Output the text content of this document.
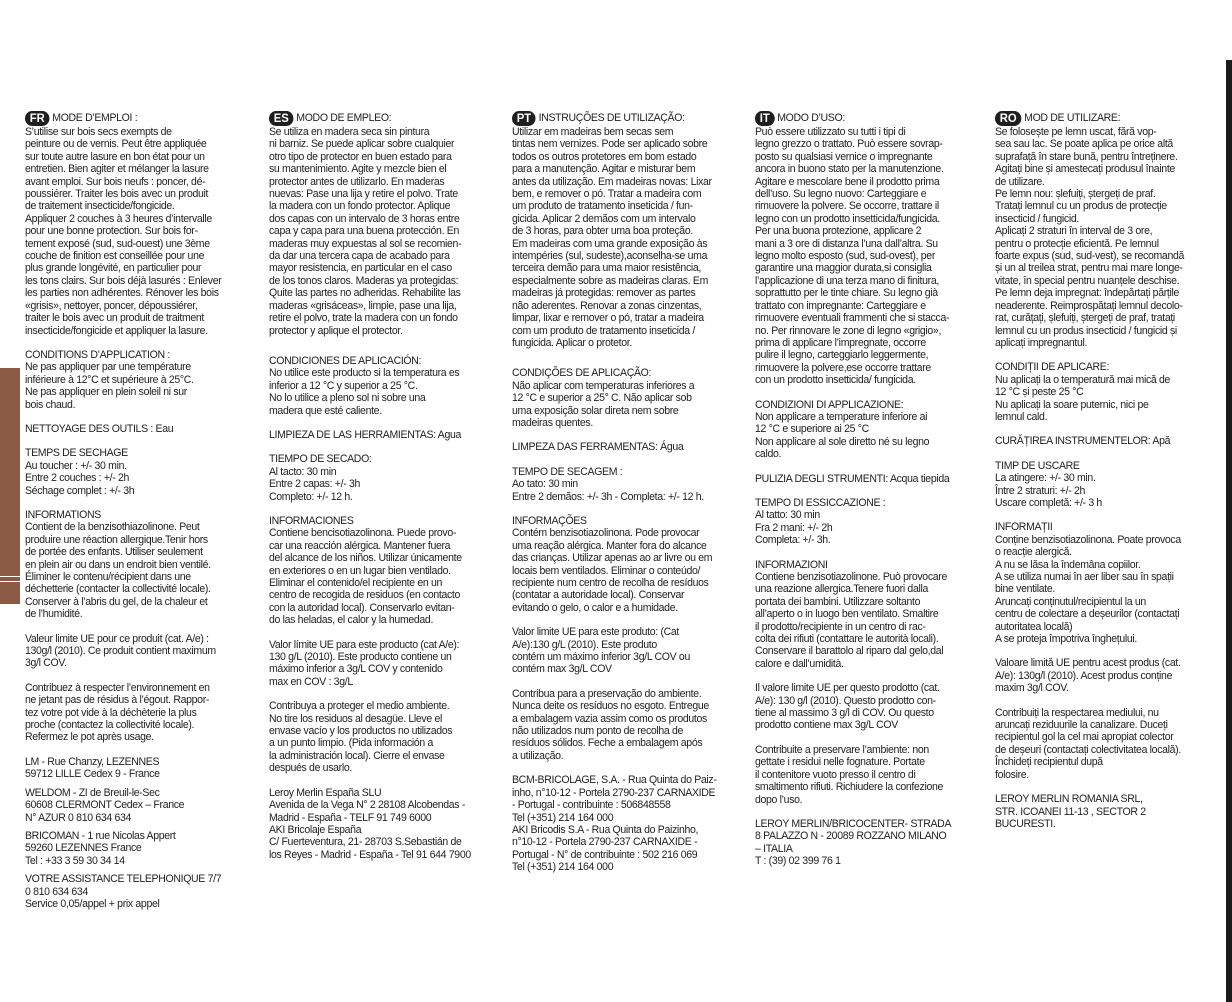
FR MODE D’EMPLOI :
S’utilise sur bois secs exempts de
peinture ou de vernis. Peut être appliquée
sur toute autre lasure en bon état pour un
entretien. Bien agiter et mélanger la lasure
avant emploi. Sur bois neufs : poncer, dé-
poussiérer. Traiter les bois avec un produit
de traitement insecticide/fongicide.
Appliquer 2 couches à 3 heures d’intervalle
pour une bonne protection. Sur bois for-
tement exposé (sud, sud-ouest) une 3ème
couche de finition est conseillée pour une
plus grande longévité, en particulier pour
les tons clairs. Sur bois déjà lasurés : Enlever
les parties non adhérentes. Rénover les bois
«grisis», nettoyer, poncer, dépoussiérer,
traiter le bois avec un produit de traitment
insecticide/fongicide et appliquer la lasure.
CONDITIONS D’APPLICATION :
Ne pas appliquer par une température
inférieure à 12°C et supérieure à 25°C.
Ne pas appliquer en plein soleil ni sur
bois chaud.
NETTOYAGE DES OUTILS : Eau
TEMPS DE SECHAGE
Au toucher : +/- 30 min.
Entre 2 couches : +/- 2h
Séchage complet : +/- 3h
INFORMATIONS
Contient de la benzisothiazolinone. Peut
produire une réaction allergique.Tenir hors
de portée des enfants. Utiliser seulement
en plein air ou dans un endroit bien ventilé.
Éliminer le contenu/récipient dans une
déchetterie (contacter la collectivité locale).
Conserver à l’abris du gel, de la chaleur et
de l’humidité.
Valeur limite UE pour ce produit (cat. A/e) :
130g/l (2010). Ce produit contient maximum
3g/l COV.
Contribuez à respecter l’environnement en
ne jetant pas de résidus à l’égout. Rappor-
tez votre pot vide à la déchèterie la plus
proche (contactez la collectivité locale).
Refermez le pot après usage.
LM - Rue Chanzy, LEZENNES
59712 LILLE Cedex 9 - France
WELDOM - ZI de Breuil-le-Sec
60608 CLERMONT Cedex – France
N° AZUR 0 810 634 634
BRICOMAN - 1 rue Nicolas Appert
59260 LEZENNES France
Tel : +33 3 59 30 34 14
VOTRE ASSISTANCE TELEPHONIQUE 7/7
0 810 634 634
Service 0,05/appel + prix appel
ES MODO DE EMPLEO:
Se utiliza en madera seca sin pintura
ni barniz. Se puede aplicar sobre cualquier
otro tipo de protector en buen estado para
su mantenimiento. Agite y mezcle bien el
protector antes de utilizarlo. En maderas
nuevas: Pase una lija y retire el polvo. Trate
la madera con un fondo protector. Aplique
dos capas con un intervalo de 3 horas entre
capa y capa para una buena protección. En
maderas muy expuestas al sol se recomien-
da dar una tercera capa de acabado para
mayor resistencia, en particular en el caso
de los tonos claros. Maderas ya protegidas:
Quite las partes no adheridas. Rehabilite las
maderas «grisáceas», limpie, pase una lija,
retire el polvo, trate la madera con un fondo
protector y aplique el protector.
CONDICIONES DE APLICACIÓN:
No utilice este producto si la temperatura es
inferior a 12 °C y superior a 25 °C.
No lo utilice a pleno sol ni sobre una
madera que esté caliente.
LIMPIEZA DE LAS HERRAMIENTAS: Agua
TIEMPO DE SECADO:
Al tacto: 30 min
Entre 2 capas: +/- 3h
Completo: +/- 12 h.
INFORMACIONES
Contiene bencisotiazolinona. Puede provo-
car una reacción alérgica. Mantener fuera
del alcance de los niños. Utilizar únicamente
en exteriores o en un lugar bien ventilado.
Eliminar el contenido/el recipiente en un
centro de recogida de residuos (en contacto
con la autoridad local). Conservarlo evitan-
do las heladas, el calor y la humedad.
Valor límite UE para este producto (cat A/e):
130 g/L (2010). Este producto contiene un
máximo inferior a 3g/L COV y contenido
max en COV : 3g/L
Contribuya a proteger el medio ambiente.
No tire los residuos al desagüe. Lleve el
envase vacío y los productos no utilizados
a un punto limpio. (Pida información a
la administración local). Cierre el envase
después de usarlo.
Leroy Merlin España SLU
Avenida de la Vega N° 2 28108 Alcobendas -
Madrid - España - TELF 91 749 6000
AKI Bricolaje España
C/ Fuerteventura, 21- 28703 S.Sebastián de
los Reyes - Madrid - España - Tel 91 644 7900
PT INSTRUÇÕES DE UTILIZAÇÃO:
Utilizar em madeiras bem secas sem
tintas nem vernizes. Pode ser aplicado sobre
todos os outros protetores em bom estado
para a manutenção. Agitar e misturar bem
antes da utilização. Em madeiras novas: Lixar
bem, e remover o pó. Tratar a madeira com
um produto de tratamento inseticida / fun-
gicida. Aplicar 2 demãos com um intervalo
de 3 horas, para obter uma boa proteção.
Em madeiras com uma grande exposição às
intempéries (sul, sudeste),aconselha-se uma
terceira demão para uma maior resistência,
especialmente sobre as madeiras claras. Em
madeiras já protegidas: remover as partes
não aderentes. Renovar a zonas cinzentas,
limpar, lixar e remover o pó, tratar a madeira
com um produto de tratamento inseticida /
fungicida. Aplicar o protetor.
CONDIÇÕES DE APLICAÇÃO:
Não aplicar com temperaturas inferiores a
12 °C e superior a 25° C. Não aplicar sob
uma exposição solar direta nem sobre
madeiras quentes.
LIMPEZA DAS FERRAMENTAS: Água
TEMPO DE SECAGEM :
Ao tato: 30 min
Entre 2 demãos: +/- 3h - Completa: +/- 12 h.
INFORMAÇÕES
Contém benzisotiazolinona. Pode provocar
uma reação alérgica. Manter fora do alcance
das crianças. Utilizar apenas ao ar livre ou em
locais bem ventilados. Eliminar o conteúdo/
recipiente num centro de recolha de resíduos
(contatar a autoridade local). Conservar
evitando o gelo, o calor e a humidade.
Valor limite UE para este produto: (Cat
A/e):130 g/L (2010). Este produto
contém um máximo inferior 3g/L COV ou
contém max 3g/L COV
Contribua para a preservação do ambiente.
Nunca deite os resíduos no esgoto. Entregue
a embalagem vazia assim como os produtos
não utilizados num ponto de recolha de
resíduos sólidos. Feche a embalagem após
a utilização.
BCM-BRICOLAGE, S.A. - Rua Quinta do Paiz-
inho, n°10-12 - Portela 2790-237 CARNAXIDE
- Portugal - contribuinte : 506848558
Tel (+351) 214 164 000
AKI Bricodis S.A - Rua Quinta do Paizinho,
n°10-12 - Portela 2790-237 CARNAXIDE -
Portugal - N° de contribuinte : 502 216 069
Tel (+351) 214 164 000
IT MODO D’USO:
Può essere utilizzato su tutti i tipi di
legno grezzo o trattato. Può essere sovrap-
posto su qualsiasi vernice o impregnante
ancora in buono stato per la manutenzione.
Agitare e mescolare bene il prodotto prima
dell’uso. Su legno nuovo: Carteggiare e
rimuovere la polvere. Se occorre, trattare il
legno con un prodotto insetticida/fungicida.
Per una buona protezione, applicare 2
mani a 3 ore di distanza l’una dall’altra. Su
legno molto esposto (sud, sud-ovest), per
garantire una maggior durata,si consiglia
l’applicazione di una terza mano di finitura,
soprattutto per le tinte chiare. Su legno già
trattato con impregnante: Carteggiare e
rimuovere eventuali frammenti che si stacca-
no. Per rinnovare le zone di legno «grigio»,
prima di applicare l’impregnate, occorre
pulire il legno, carteggiarlo leggermente,
rimuovere la polvere,ese occorre trattare
con un prodotto insetticida/ fungicida.
CONDIZIONI DI APPLICAZIONE:
Non applicare a temperature inferiore ai
12 °C e superiore ai 25 °C
Non applicare al sole diretto né su legno
caldo.
PULIZIA DEGLI STRUMENTI: Acqua tiepida
TEMPO DI ESSICCAZIONE :
Al tatto: 30 min
Fra 2 mani: +/- 2h
Completa: +/- 3h.
INFORMAZIONI
Contiene benzisotiazolinone. Può provocare
una reazione allergica.Tenere fuori dalla
portata dei bambini. Utilizzare soltanto
all’aperto o in luogo ben ventilato. Smaltire
il prodotto/recipiente in un centro di rac-
colta dei rifiuti (contattare le autorità locali).
Conservare il barattolo al riparo dal gelo,dal
calore e dall’umidità.
Il valore limite UE per questo prodotto (cat.
A/e): 130 g/l (2010). Questo prodotto con-
tiene al massimo 3 g/l di COV. Ou questo
prodotto contiene max 3g/L COV
Contribuite a preservare l’ambiente: non
gettate i residui nelle fognature. Portate
il contenitore vuoto presso il centro di
smaltimento rifiuti. Richiudere la confezione
dopo l’uso.
LEROY MERLIN/BRICOCENTER- STRADA
8 PALAZZO N - 20089 ROZZANO MILANO
– ITALIA
T : (39) 02 399 76 1
RO MOD DE UTILIZARE:
Se folosește pe lemn uscat, fără vop-
sea sau lac. Se poate aplica pe orice altă
suprafață în stare bună, pentru întreținere.
Agitați bine și amestecați produsul înainte
de utilizare.
Pe lemn nou: șlefuiți, ștergeți de praf.
Tratați lemnul cu un produs de protecție
insecticid / fungicid.
Aplicați 2 straturi în interval de 3 ore,
pentru o protecție eficientă. Pe lemnul
foarte expus (sud, sud-vest), se recomandă
și un al treilea strat, pentru mai mare longe-
vitate, în special pentru nuanțele deschise.
Pe lemn deja impregnat: îndepărtați părțile
neaderente. Reimprospătați lemnul decolo-
rat, curățați, șlefuiți, ștergeți de praf, tratați
lemnul cu un produs insecticid / fungicid și
aplicați impregnantul.
CONDIȚII DE APLICARE:
Nu aplicați la o temperatură mai mică de
12 °C și peste 25 °C
Nu aplicați la soare puternic, nici pe
lemnul cald.
CURĂȚIREA INSTRUMENTELOR: Apă
TIMP DE USCARE
La atingere: +/- 30 min.
Între 2 straturi: +/- 2h
Uscare completă: +/- 3 h
INFORMAȚII
Conține benzisotiazolinona. Poate provoca
o reacție alergică.
A nu se lăsa la îndemâna copiilor.
A se utiliza numai în aer liber sau în spații
bine ventilate.
Aruncați conținutul/recipientul la un
centru de colectare a deșeurilor (contactați
autoritatea locală)
A se proteja împotriva înghețului.
Valoare limită UE pentru acest produs (cat.
A/e): 130g/l (2010). Acest produs conține
maxim 3g/l COV.
Contribuiți la respectarea mediului, nu
aruncați reziduurile la canalizare. Duceți
recipientul gol la cel mai apropiat colector
de deșeuri (contactați colectivitatea locală).
Închideți recipientul după
folosire.
LEROY MERLIN ROMANIA SRL,
STR. ICOANEI 11-13 , SECTOR 2
BUCURESTI.
